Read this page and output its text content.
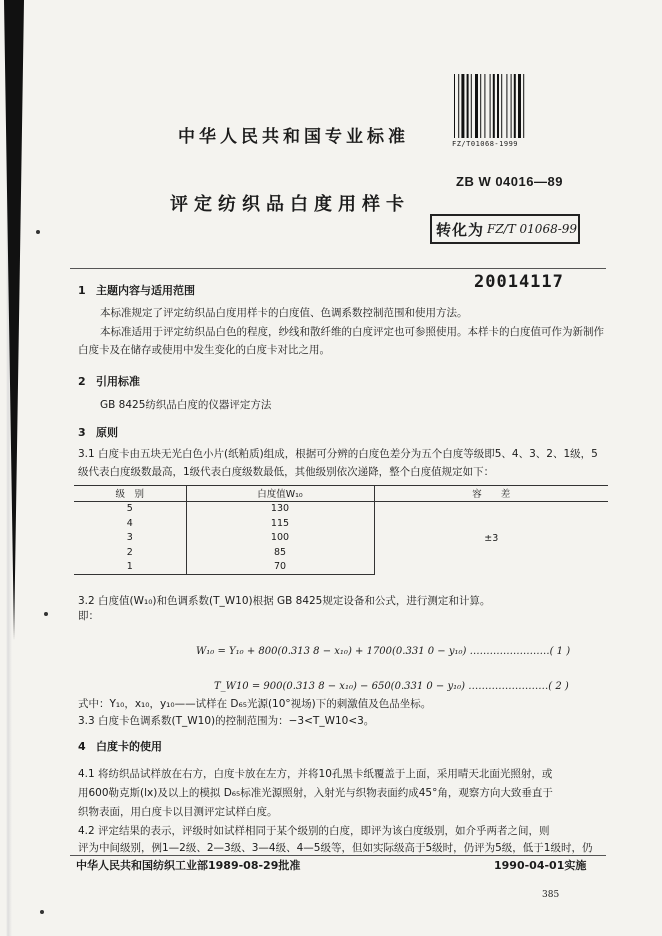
FZ/T01068-1999
中华人民共和国专业标准
ZB W 04016—89
评定纺织品白度用样卡
转化为 FZ/T 01068-99
20014117
1 主题内容与适用范围
本标准规定了评定纺织品白度用样卡的白度值、色调系数控制范围和使用方法。
本标准适用于评定纺织品白色的程度，纱线和散纤维的白度评定也可参照使用。本样卡的白度值可作为新制作白度卡及在储存或使用中发生变化的白度卡对比之用。
2 引用标准
GB 8425纺织品白度的仪器评定方法
3 原则
3.1 白度卡由五块无光白色小片(纸粕质)组成，根据可分辨的白度色差分为五个白度等级即5、4、3、2、1级，5级代表白度级数最高，1级代表白度级数最低，其他级别依次递降，整个白度值规定如下：
级　别	白度值W₁₀	容　　差
5	130	±3
4	115	
3	100	
2	85	
1	70	
3.2 白度值(W₁₀)和色调系数(T_W10)根据 GB 8425规定设备和公式，进行测定和计算。
即：
W₁₀ = Y₁₀ + 800(0.313 8 − x₁₀) + 1700(0.331 0 − y₁₀) ……………………( 1 )
T_W10 = 900(0.313 8 − x₁₀) − 650(0.331 0 − y₁₀) ……………………( 2 )
式中：Y₁₀，x₁₀，y₁₀——试样在 D₆₅光源(10°视场)下的刺激值及色品坐标。
3.3 白度卡色调系数(T_W10)的控制范围为：−3<T_W10<3。
4 白度卡的使用
4.1 将纺织品试样放在右方，白度卡放在左方，并将10孔黑卡纸覆盖于上面，采用晴天北面光照射，或
用600勒克斯(lx)及以上的模拟 D₆₅标准光源照射，入射光与织物表面约成45°角，观察方向大致垂直于
织物表面，用白度卡以目测评定试样白度。
4.2 评定结果的表示，评级时如试样相同于某个级别的白度，即评为该白度级别，如介乎两者之间，则
评为中间级别，例1—2级、2—3级、3—4级、4—5级等，但如实际级高于5级时，仍评为5级，低于1级时，仍
中华人民共和国纺织工业部1989-08-29批准	1990-04-01实施
385
